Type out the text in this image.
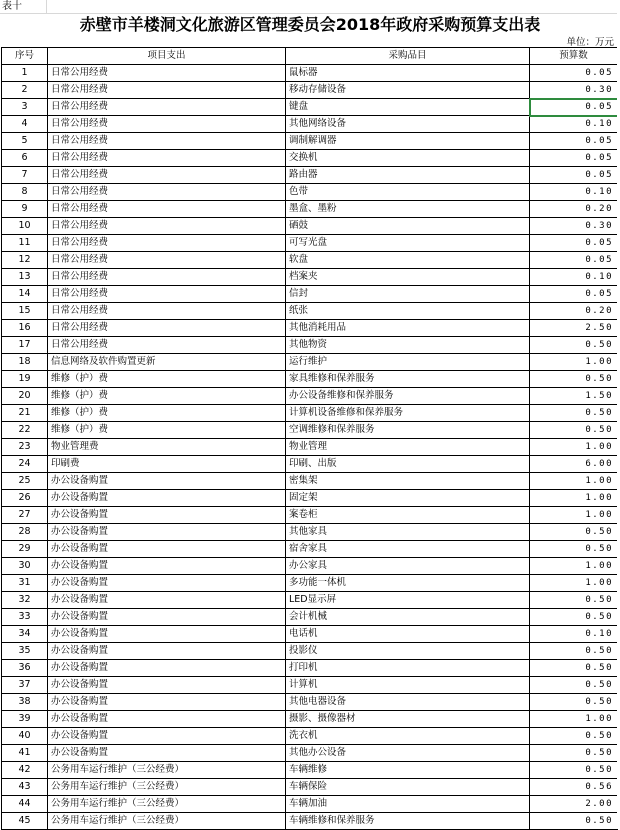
表十
赤壁市羊楼洞文化旅游区管理委员会2018年政府采购预算支出表
单位：万元
序号	项目支出	采购品目	预算数
1	日常公用经费	鼠标器	0.05
2	日常公用经费	移动存储设备	0.30
3	日常公用经费	键盘	0.05
4	日常公用经费	其他网络设备	0.10
5	日常公用经费	调制解调器	0.05
6	日常公用经费	交换机	0.05
7	日常公用经费	路由器	0.05
8	日常公用经费	色带	0.10
9	日常公用经费	墨盒、墨粉	0.20
10	日常公用经费	硒鼓	0.30
11	日常公用经费	可写光盘	0.05
12	日常公用经费	软盘	0.05
13	日常公用经费	档案夹	0.10
14	日常公用经费	信封	0.05
15	日常公用经费	纸张	0.20
16	日常公用经费	其他消耗用品	2.50
17	日常公用经费	其他物资	0.50
18	信息网络及软件购置更新	运行维护	1.00
19	维修（护）费	家具维修和保养服务	0.50
20	维修（护）费	办公设备维修和保养服务	1.50
21	维修（护）费	计算机设备维修和保养服务	0.50
22	维修（护）费	空调维修和保养服务	0.50
23	物业管理费	物业管理	1.00
24	印刷费	印刷、出版	6.00
25	办公设备购置	密集架	1.00
26	办公设备购置	固定架	1.00
27	办公设备购置	案卷柜	1.00
28	办公设备购置	其他家具	0.50
29	办公设备购置	宿舍家具	0.50
30	办公设备购置	办公家具	1.00
31	办公设备购置	多功能一体机	1.00
32	办公设备购置	LED显示屏	0.50
33	办公设备购置	会计机械	0.50
34	办公设备购置	电话机	0.10
35	办公设备购置	投影仪	0.50
36	办公设备购置	打印机	0.50
37	办公设备购置	计算机	0.50
38	办公设备购置	其他电器设备	0.50
39	办公设备购置	摄影、摄像器材	1.00
40	办公设备购置	洗衣机	0.50
41	办公设备购置	其他办公设备	0.50
42	公务用车运行维护（三公经费）	车辆维修	0.50
43	公务用车运行维护（三公经费）	车辆保险	0.56
44	公务用车运行维护（三公经费）	车辆加油	2.00
45	公务用车运行维护（三公经费）	车辆维修和保养服务	0.50
